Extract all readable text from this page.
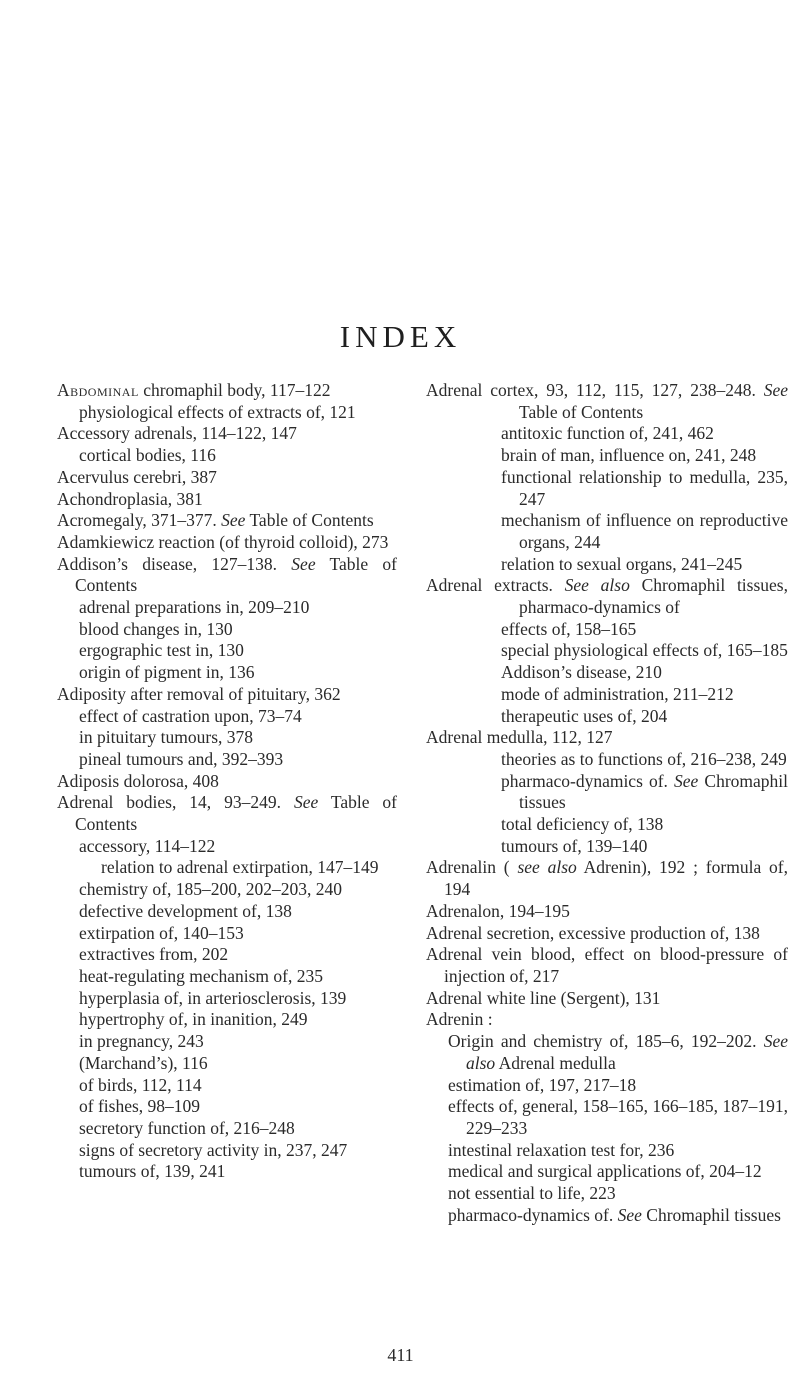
INDEX
Abdominal chromaphil body, 117–122
physiological effects of extracts of, 121
Accessory adrenals, 114–122, 147
cortical bodies, 116
Acervulus cerebri, 387
Achondroplasia, 381
Acromegaly, 371–377. See Table of Contents
Adamkiewicz reaction (of thyroid colloid), 273
Addison’s disease, 127–138. See Table of Contents
adrenal preparations in, 209–210
blood changes in, 130
ergographic test in, 130
origin of pigment in, 136
Adiposity after removal of pituitary, 362
effect of castration upon, 73–74
in pituitary tumours, 378
pineal tumours and, 392–393
Adiposis dolorosa, 408
Adrenal bodies, 14, 93–249. See Table of Contents
accessory, 114–122
relation to adrenal extirpation, 147–149
chemistry of, 185–200, 202–203, 240
defective development of, 138
extirpation of, 140–153
extractives from, 202
heat-regulating mechanism of, 235
hyperplasia of, in arteriosclerosis, 139
hypertrophy of, in inanition, 249
in pregnancy, 243
(Marchand’s), 116
of birds, 112, 114
of fishes, 98–109
secretory function of, 216–248
signs of secretory activity in, 237, 247
tumours of, 139, 241
Adrenal cortex, 93, 112, 115, 127, 238–248. See Table of Contents
antitoxic function of, 241, 462
brain of man, influence on, 241, 248
functional relationship to medulla, 235, 247
mechanism of influence on reproductive organs, 244
relation to sexual organs, 241–245
Adrenal extracts. See also Chromaphil tissues, pharmaco-dynamics of
effects of, 158–165
special physiological effects of, 165–185
Addison’s disease, 210
mode of administration, 211–212
therapeutic uses of, 204
Adrenal medulla, 112, 127
theories as to functions of, 216–238, 249
pharmaco-dynamics of. See Chromaphil tissues
total deficiency of, 138
tumours of, 139–140
Adrenalin ( see also Adrenin), 192 ; formula of, 194
Adrenalon, 194–195
Adrenal secretion, excessive production of, 138
Adrenal vein blood, effect on blood-pressure of injection of, 217
Adrenal white line (Sergent), 131
Adrenin :
Origin and chemistry of, 185–6, 192–202. See also Adrenal medulla
estimation of, 197, 217–18
effects of, general, 158–165, 166–185, 187–191, 229–233
intestinal relaxation test for, 236
medical and surgical applications of, 204–12
not essential to life, 223
pharmaco-dynamics of. See Chromaphil tissues
411
